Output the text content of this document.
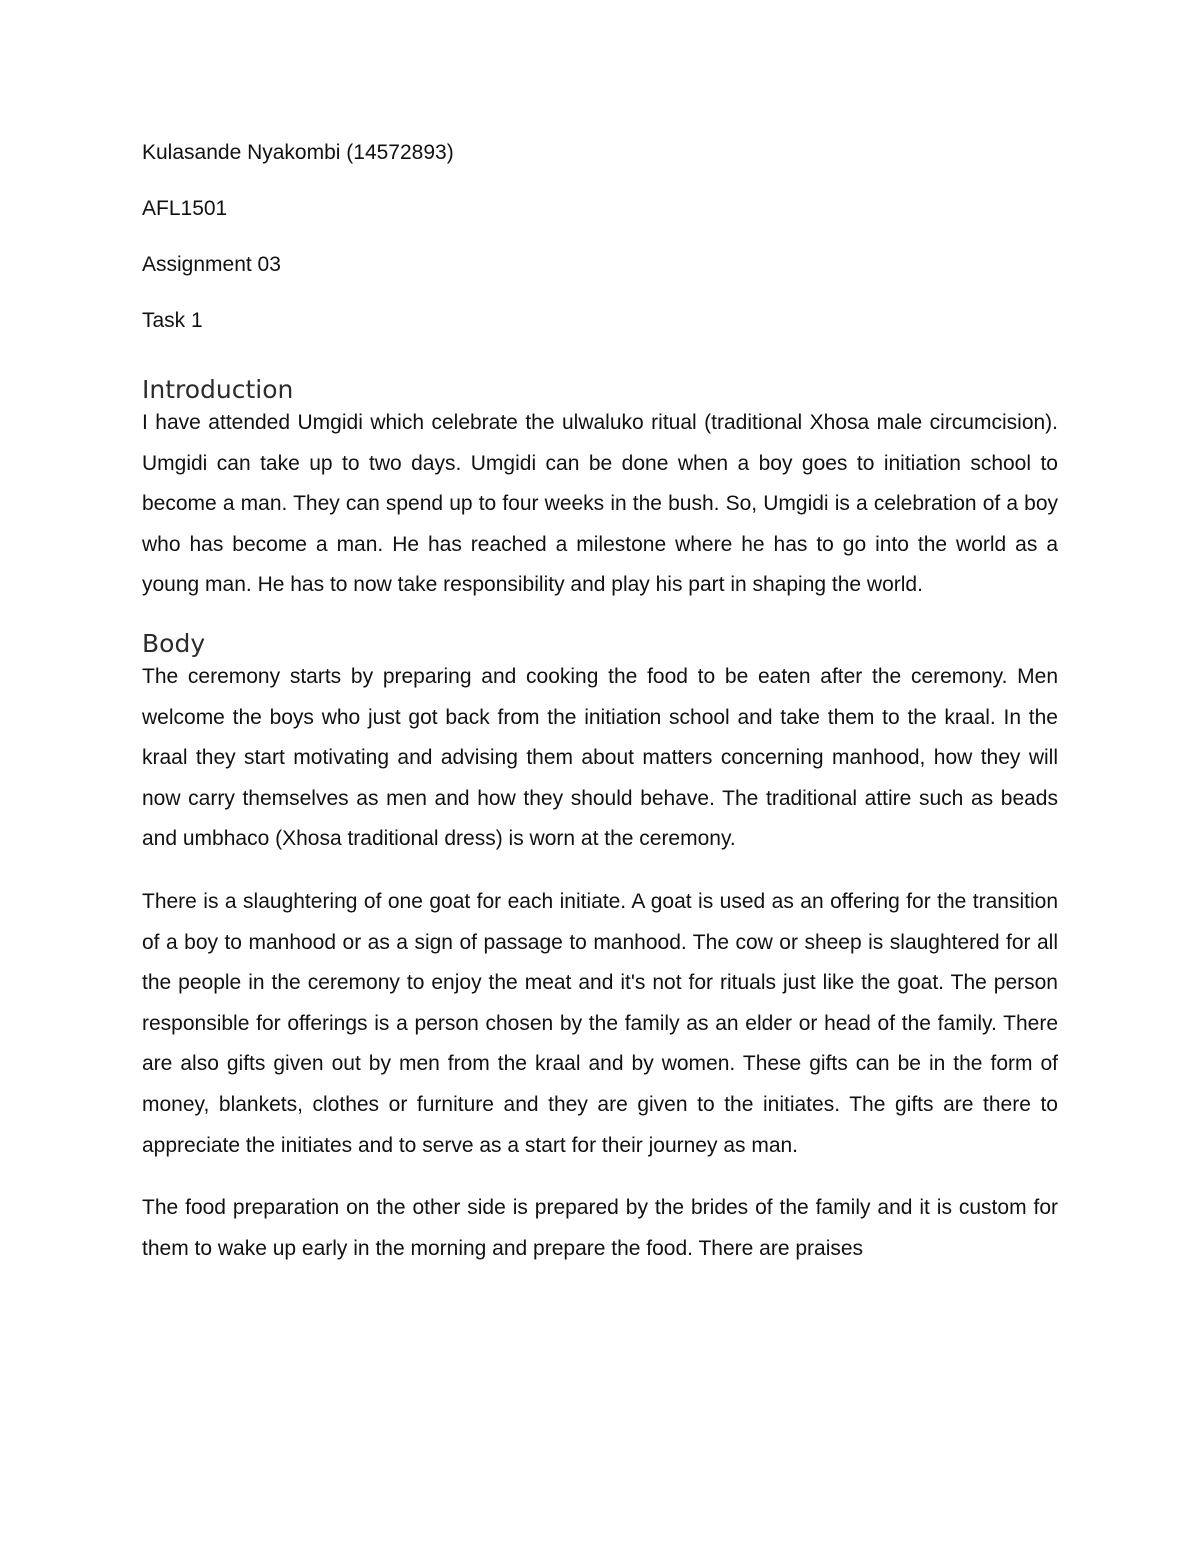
Kulasande Nyakombi (14572893)

AFL1501

Assignment 03

Task 1

Introduction

I have attended Umgidi which celebrate the ulwaluko ritual (traditional Xhosa male circumcision). Umgidi can take up to two days. Umgidi can be done when a boy goes to initiation school to become a man. They can spend up to four weeks in the bush. So, Umgidi is a celebration of a boy who has become a man. He has reached a milestone where he has to go into the world as a young man. He has to now take responsibility and play his part in shaping the world.

Body

The ceremony starts by preparing and cooking the food to be eaten after the ceremony. Men welcome the boys who just got back from the initiation school and take them to the kraal. In the kraal they start motivating and advising them about matters concerning manhood, how they will now carry themselves as men and how they should behave. The traditional attire such as beads and umbhaco (Xhosa traditional dress) is worn at the ceremony.

There is a slaughtering of one goat for each initiate. A goat is used as an offering for the transition of a boy to manhood or as a sign of passage to manhood. The cow or sheep is slaughtered for all the people in the ceremony to enjoy the meat and it's not for rituals just like the goat. The person responsible for offerings is a person chosen by the family as an elder or head of the family. There are also gifts given out by men from the kraal and by women. These gifts can be in the form of money, blankets, clothes or furniture and they are given to the initiates. The gifts are there to appreciate the initiates and to serve as a start for their journey as man.

The food preparation on the other side is prepared by the brides of the family and it is custom for them to wake up early in the morning and prepare the food. There are praises
